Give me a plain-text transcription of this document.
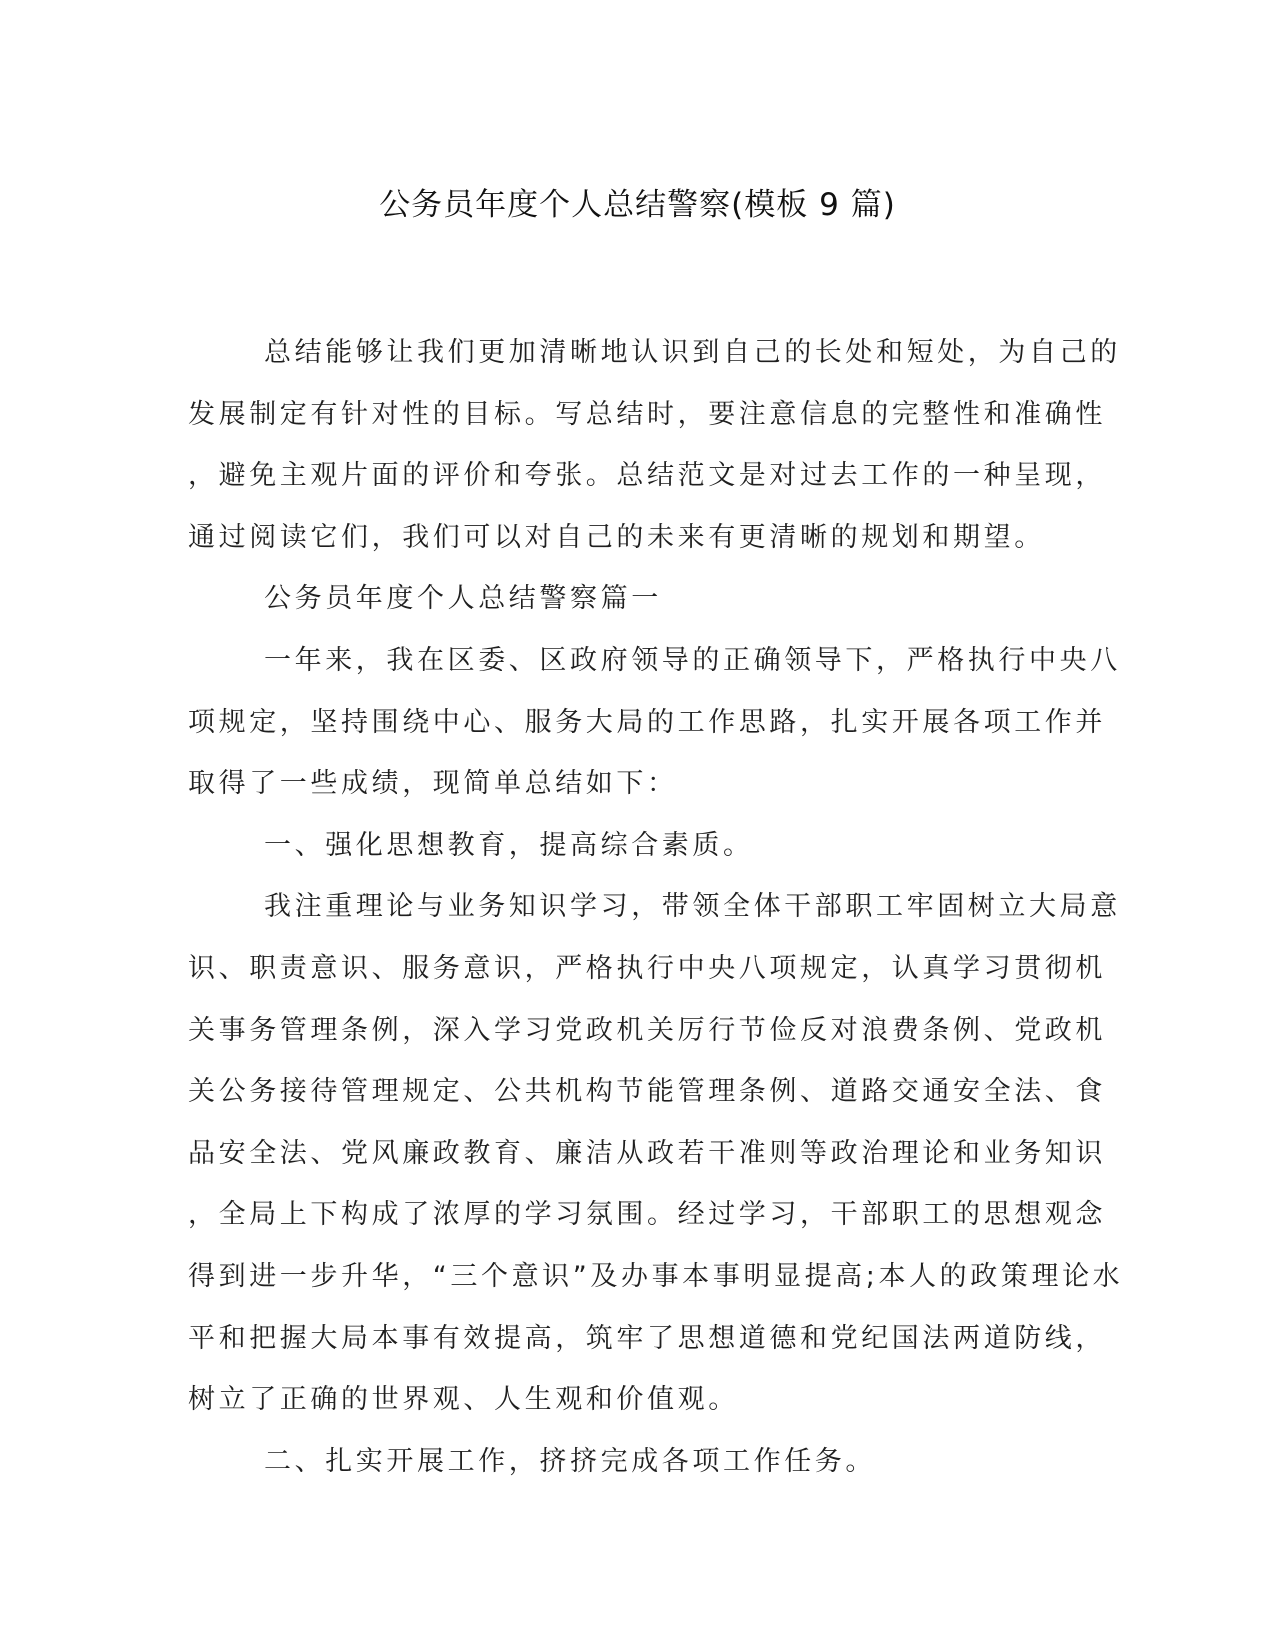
公务员年度个人总结警察(模板 9 篇)

总结能够让我们更加清晰地认识到自己的长处和短处，为自己的
发展制定有针对性的目标。写总结时，要注意信息的完整性和准确性
，避免主观片面的评价和夸张。总结范文是对过去工作的一种呈现，
通过阅读它们，我们可以对自己的未来有更清晰的规划和期望。

公务员年度个人总结警察篇一

一年来，我在区委、区政府领导的正确领导下，严格执行中央八
项规定，坚持围绕中心、服务大局的工作思路，扎实开展各项工作并
取得了一些成绩，现简单总结如下：

一、强化思想教育，提高综合素质。

我注重理论与业务知识学习，带领全体干部职工牢固树立大局意
识、职责意识、服务意识，严格执行中央八项规定，认真学习贯彻机
关事务管理条例，深入学习党政机关厉行节俭反对浪费条例、党政机
关公务接待管理规定、公共机构节能管理条例、道路交通安全法、食
品安全法、党风廉政教育、廉洁从政若干准则等政治理论和业务知识
，全局上下构成了浓厚的学习氛围。经过学习，干部职工的思想观念
得到进一步升华，“三个意识”及办事本事明显提高;本人的政策理论水
平和把握大局本事有效提高，筑牢了思想道德和党纪国法两道防线，
树立了正确的世界观、人生观和价值观。

二、扎实开展工作，挤挤完成各项工作任务。
